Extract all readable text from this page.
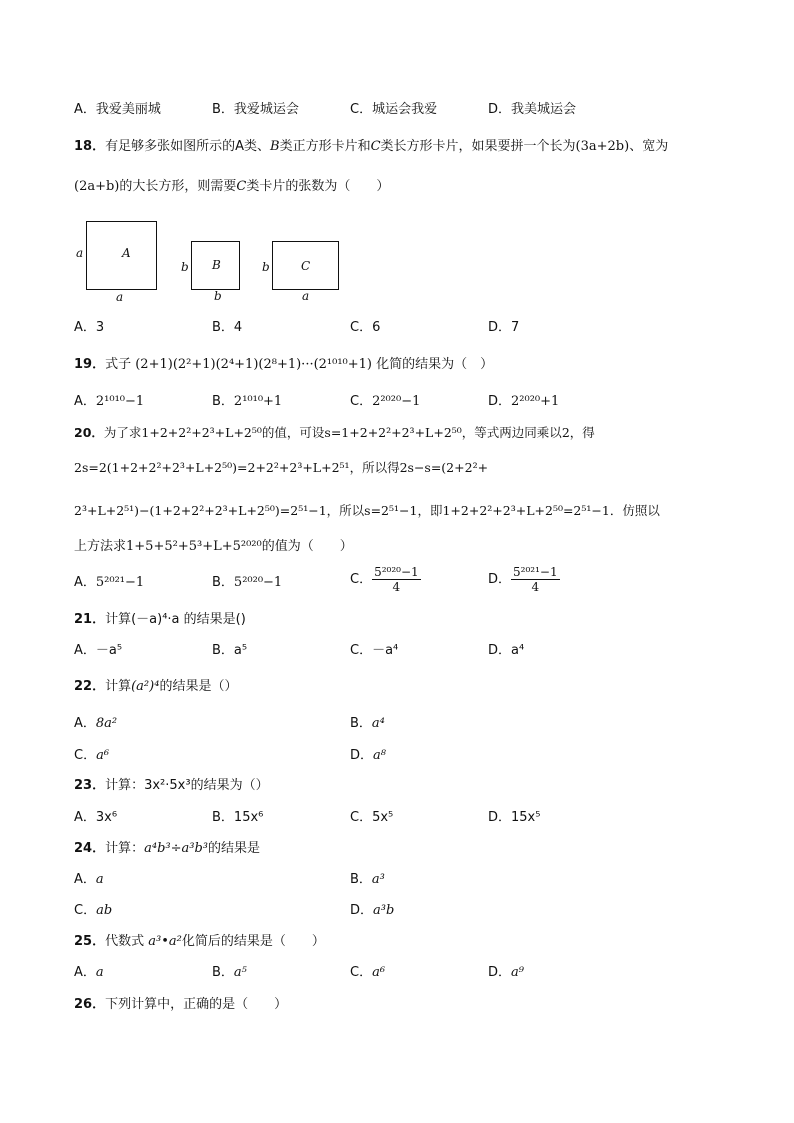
A．我爱美丽城	B．我爱城运会	C．城运会我爱	D．我美城运会
18．有足够多张如图所示的A类、B类正方形卡片和C类长方形卡片，如果要拼一个长为(3a+2b)、宽为
(2a+b)的大长方形，则需要C类卡片的张数为（　　）
A
a
a
B
b
b
C
b
a
A．3	B．4	C．6	D．7
19．式子 (2+1)(2²+1)(2⁴+1)(2⁸+1)···(2¹⁰¹⁰+1) 化简的结果为（　）
A．2¹⁰¹⁰−1	B．2¹⁰¹⁰+1	C．2²⁰²⁰−1	D．2²⁰²⁰+1
20．为了求1+2+2²+2³+L+2⁵⁰的值，可设s=1+2+2²+2³+L+2⁵⁰，等式两边同乘以2，得
2s=2(1+2+2²+2³+L+2⁵⁰)=2+2²+2³+L+2⁵¹，所以得2s−s=(2+2²+
2³+L+2⁵¹)−(1+2+2²+2³+L+2⁵⁰)=2⁵¹−1，所以s=2⁵¹−1，即1+2+2²+2³+L+2⁵⁰=2⁵¹−1．仿照以
上方法求1+5+5²+5³+L+5²⁰²⁰的值为（　　）
A．5²⁰²¹−1	B．5²⁰²⁰−1	C． $\frac{\text{5²⁰²⁰−1}}{4}$	D． $\frac{\text{5²⁰²¹−1}}{4}$
21．计算(－a)⁴·a 的结果是()
A．－a⁵	B．a⁵	C．－a⁴	D．a⁴
22．计算(a²)⁴的结果是（）
A．8a²	B．a⁴
C．a⁶	D．a⁸
23．计算：3x²·5x³的结果为（）
A．3x⁶	B．15x⁶	C．5x⁵	D．15x⁵
24．计算：a⁴b³÷a³b³的结果是
A．a	B．a³
C．ab	D．a³b
25．代数式 a³•a²化简后的结果是（　　）
A．a	B．a⁵	C．a⁶	D．a⁹
26．下列计算中，正确的是（　　）
